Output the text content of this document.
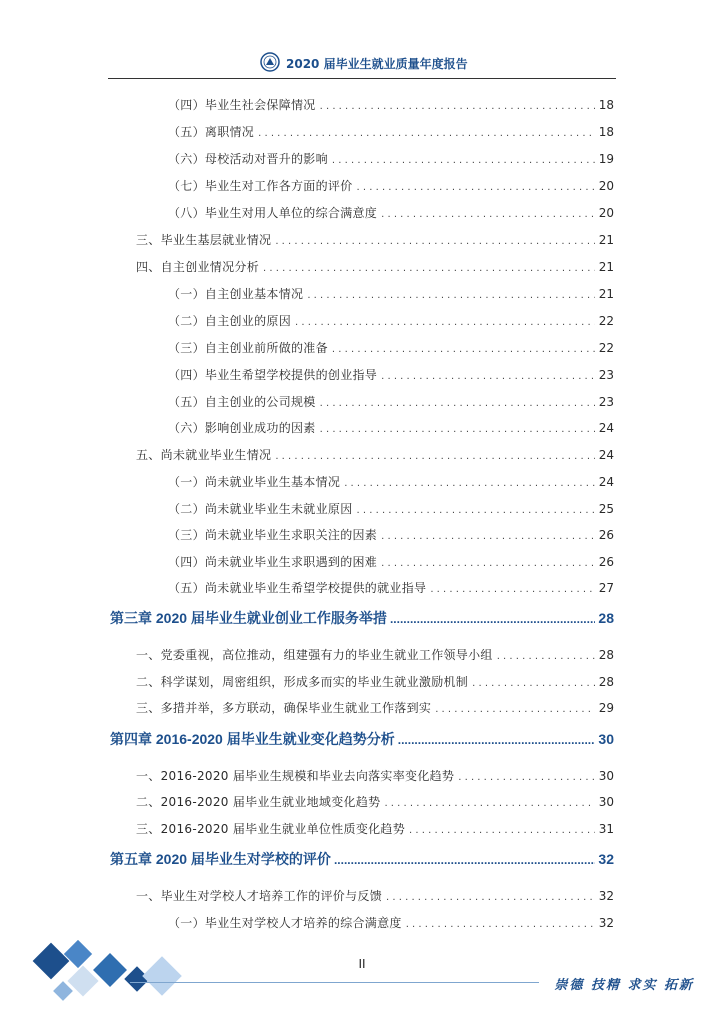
2020 届毕业生就业质量年度报告
（四）毕业生社会保障情况 . . .	18
（五）离职情况 . . .	18
（六）母校活动对晋升的影响 . . .	19
（七）毕业生对工作各方面的评价 . . .	20
（八）毕业生对用人单位的综合满意度 . . .	20
三、毕业生基层就业情况 . . .	21
四、自主创业情况分析 . . .	21
（一）自主创业基本情况 . . .	21
（二）自主创业的原因 . . .	22
（三）自主创业前所做的准备 . . .	22
（四）毕业生希望学校提供的创业指导 . . .	23
（五）自主创业的公司规模 . . .	23
（六）影响创业成功的因素 . . .	24
五、尚未就业毕业生情况 . . .	24
（一）尚未就业毕业生基本情况 . . .	24
（二）尚未就业毕业生未就业原因 . . .	25
（三）尚未就业毕业生求职关注的因素 . . .	26
（四）尚未就业毕业生求职遇到的困难 . . .	26
（五）尚未就业毕业生希望学校提供的就业指导 . . .	27
第三章 2020 届毕业生就业创业工作服务举措 .....	28
一、党委重视，高位推动，组建强有力的毕业生就业工作领导小组 . . .	28
二、科学谋划，周密组织，形成多而实的毕业生就业激励机制 . . .	28
三、多措并举，多方联动，确保毕业生就业工作落到实 . . .	29
第四章 2016-2020 届毕业生就业变化趋势分析 .....	30
一、2016-2020 届毕业生规模和毕业去向落实率变化趋势 . . .	30
二、2016-2020 届毕业生就业地域变化趋势 . . .	30
三、2016-2020 届毕业生就业单位性质变化趋势 . . .	31
第五章 2020 届毕业生对学校的评价 .....	32
一、毕业生对学校人才培养工作的评价与反馈 . . .	32
（一）毕业生对学校人才培养的综合满意度 . . .	32
II
崇德 技精 求实 拓新
